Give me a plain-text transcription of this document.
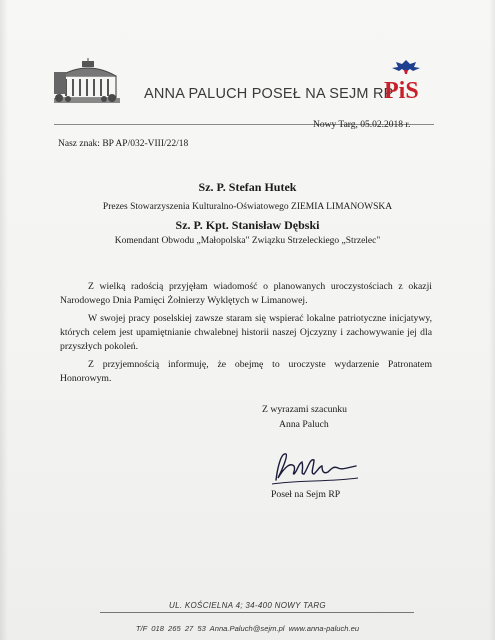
ANNA PALUCH POSEŁ NA SEJM RP
PiS
Nowy Targ, 05.02.2018 r.
Nasz znak: BP AP/032-VIII/22/18
Sz. P. Stefan Hutek
Prezes Stowarzyszenia Kulturalno-Oświatowego ZIEMIA LIMANOWSKA
Sz. P. Kpt. Stanisław Dębski
Komendant Obwodu „Małopolska" Związku Strzeleckiego „Strzelec"

Z wielką radością przyjęłam wiadomość o planowanych uroczystościach z okazji Narodowego Dnia Pamięci Żołnierzy Wyklętych w Limanowej.

W swojej pracy poselskiej zawsze staram się wspierać lokalne patriotyczne inicjatywy, których celem jest upamiętnianie chwalebnej historii naszej Ojczyzny i zachowywanie jej dla przyszłych pokoleń.

Z przyjemnością informuję, że obejmę to uroczyste wydarzenie Patronatem Honorowym.

Z wyrazami szacunku
Anna Paluch
Poseł na Sejm RP
UL. KOŚCIELNA 4; 34-400 NOWY TARG
T/F 018 265 27 53 Anna.Paluch@sejm.pl www.anna-paluch.eu
